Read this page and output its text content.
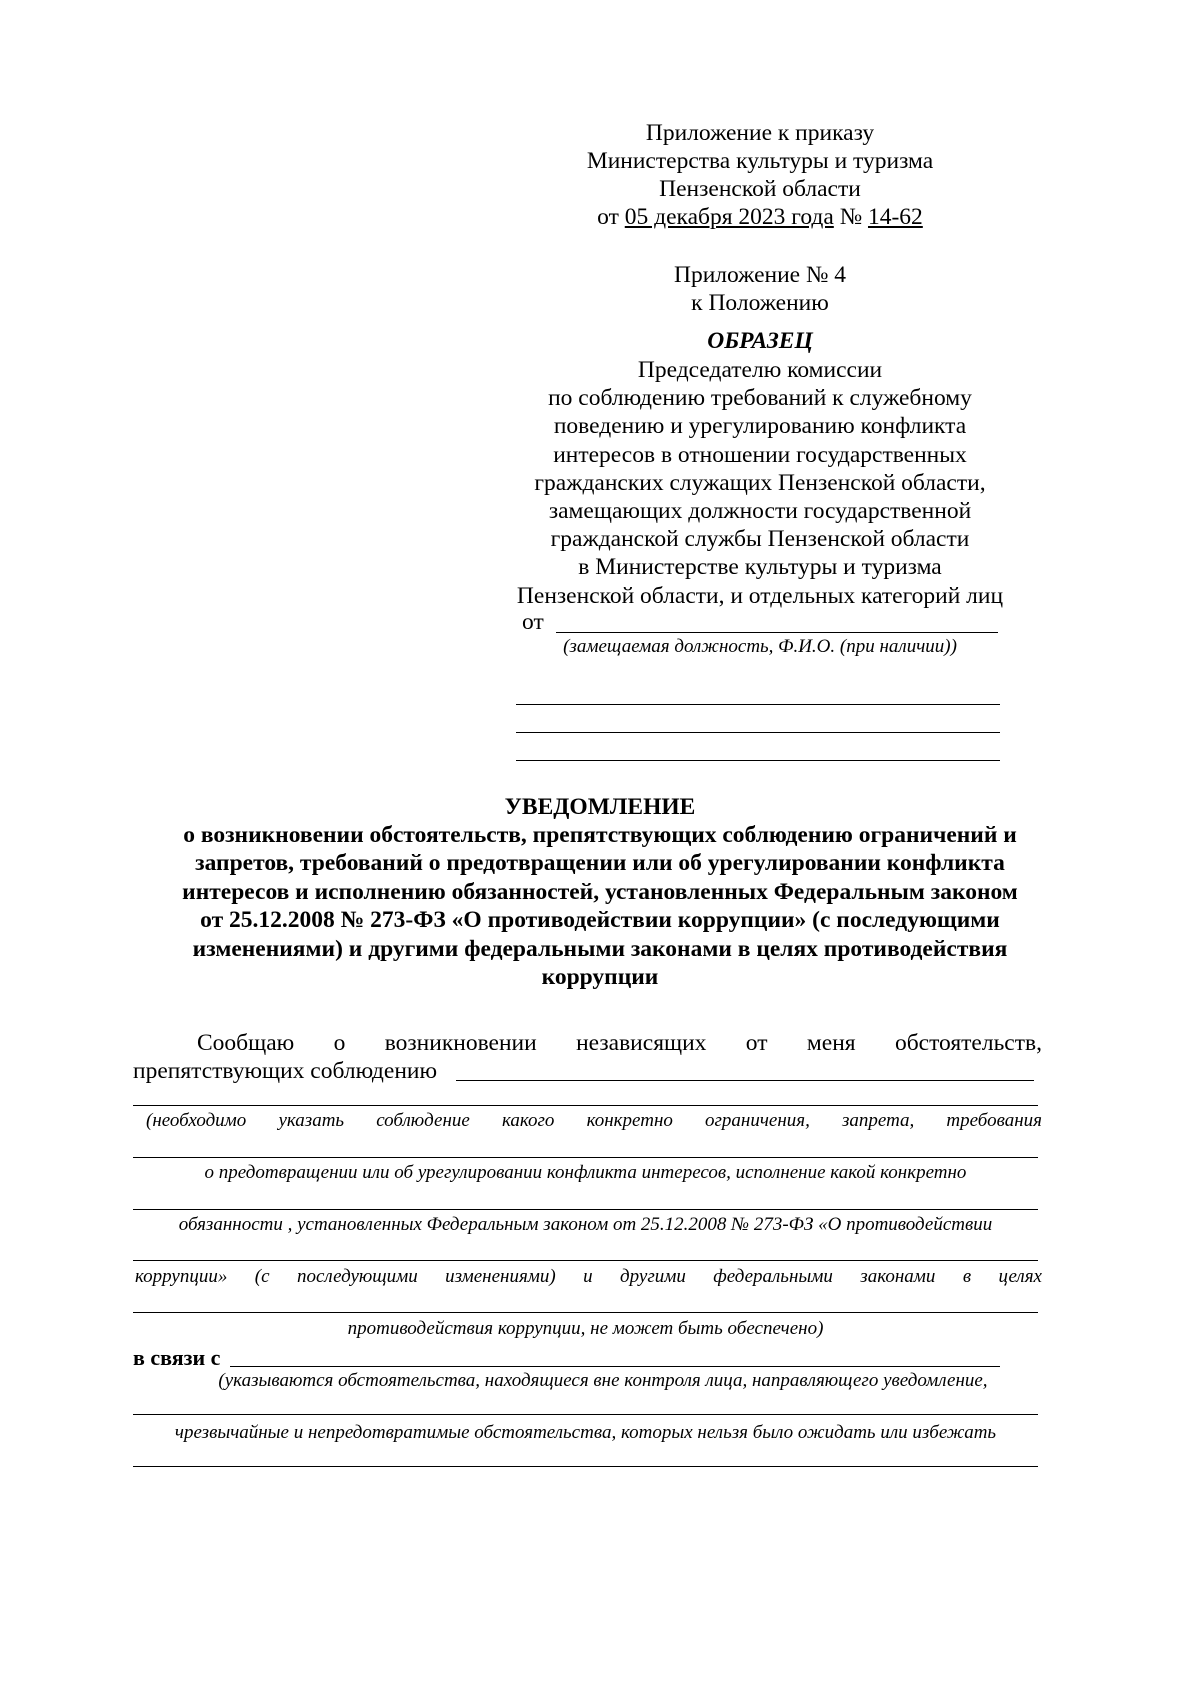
Приложение к приказу
Министерства культуры и туризма
Пензенской области
от 05 декабря 2023 года № 14-62
Приложение № 4
к Положению
ОБРАЗЕЦ
Председателю комиссии
по соблюдению требований к служебному
поведению и урегулированию конфликта
интересов в отношении государственных
гражданских служащих Пензенской области,
замещающих должности государственной
гражданской службы Пензенской области
в Министерстве культуры и туризма
Пензенской области, и отдельных категорий лиц
от
(замещаемая должность, Ф.И.О. (при наличии))
УВЕДОМЛЕНИЕ
о возникновении обстоятельств, препятствующих соблюдению ограничений и
запретов, требований о предотвращении или об урегулировании конфликта
интересов и исполнению обязанностей, установленных Федеральным законом
от 25.12.2008 № 273-ФЗ «О противодействии коррупции» (с последующими
изменениями) и другими федеральными законами в целях противодействия
коррупции
Сообщаю о возникновении независящих от меня обстоятельств,
препятствующих соблюдению
(необходимо указать соблюдение какого конкретно ограничения, запрета, требования
о предотвращении или об урегулировании конфликта интересов, исполнение какой конкретно
обязанности , установленных Федеральным законом от 25.12.2008 № 273-ФЗ «О противодействии
коррупции» (с последующими изменениями) и другими федеральными законами в целях
противодействия коррупции, не может быть обеспечено)
в связи с
(указываются обстоятельства, находящиеся вне контроля лица, направляющего уведомление,
чрезвычайные и непредотвратимые обстоятельства, которых нельзя было ожидать или избежать
